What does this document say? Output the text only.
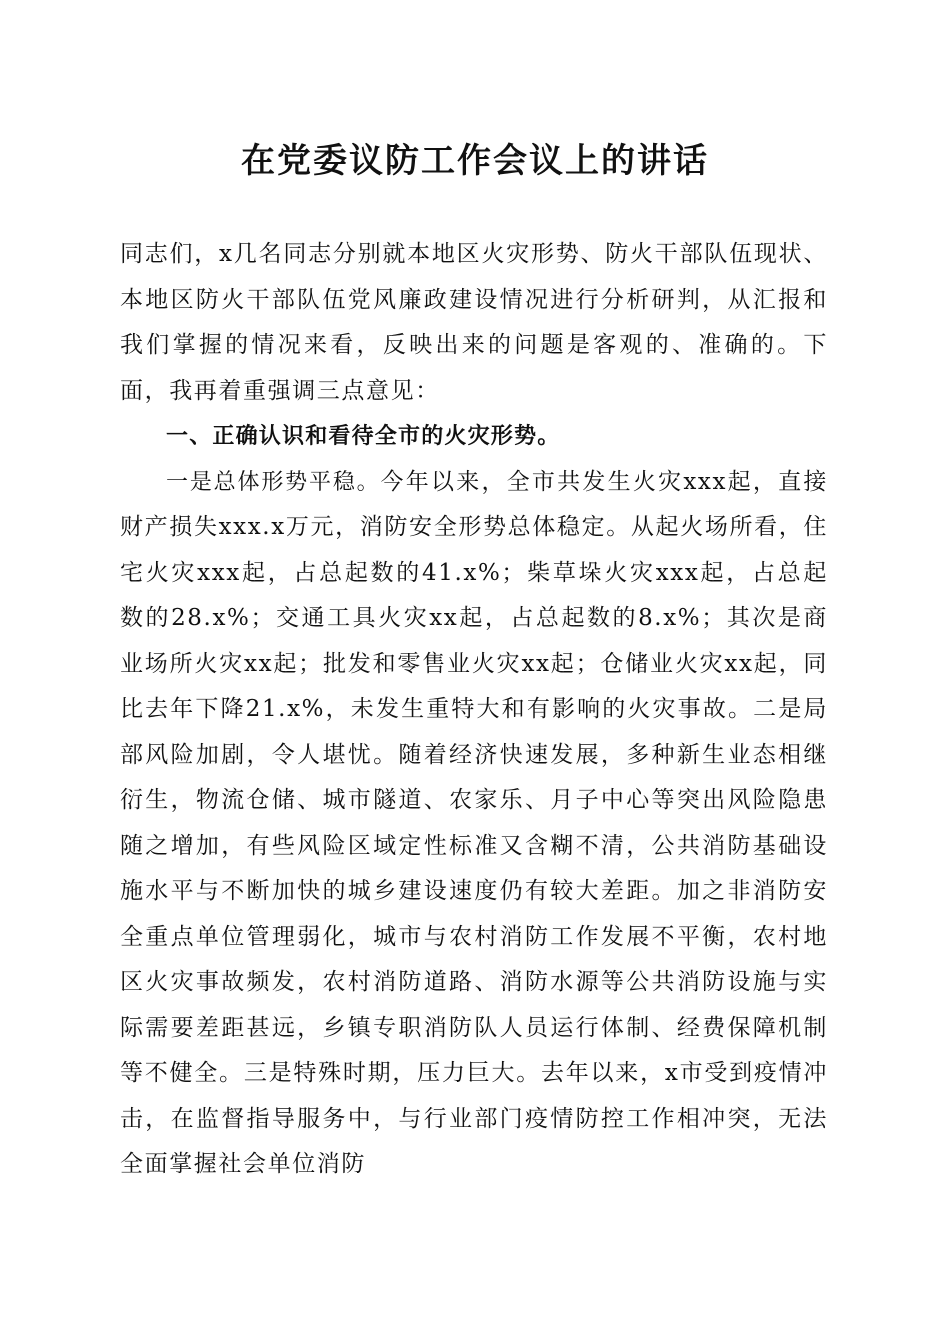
在党委议防工作会议上的讲话

同志们，x几名同志分别就本地区火灾形势、防火干部队伍现状、本地区防火干部队伍党风廉政建设情况进行分析研判，从汇报和我们掌握的情况来看，反映出来的问题是客观的、准确的。下面，我再着重强调三点意见：

一、正确认识和看待全市的火灾形势。

一是总体形势平稳。今年以来，全市共发生火灾xxx起，直接财产损失xxx.x万元，消防安全形势总体稳定。从起火场所看，住宅火灾xxx起，占总起数的41.x%；柴草垛火灾xxx起，占总起数的28.x%；交通工具火灾xx起，占总起数的8.x%；其次是商业场所火灾xx起；批发和零售业火灾xx起；仓储业火灾xx起，同比去年下降21.x%，未发生重特大和有影响的火灾事故。二是局部风险加剧，令人堪忧。随着经济快速发展，多种新生业态相继衍生，物流仓储、城市隧道、农家乐、月子中心等突出风险隐患随之增加，有些风险区域定性标准又含糊不清，公共消防基础设施水平与不断加快的城乡建设速度仍有较大差距。加之非消防安全重点单位管理弱化，城市与农村消防工作发展不平衡，农村地区火灾事故频发，农村消防道路、消防水源等公共消防设施与实际需要差距甚远，乡镇专职消防队人员运行体制、经费保障机制等不健全。三是特殊时期，压力巨大。去年以来，x市受到疫情冲击，在监督指导服务中，与行业部门疫情防控工作相冲突，无法全面掌握社会单位消防
